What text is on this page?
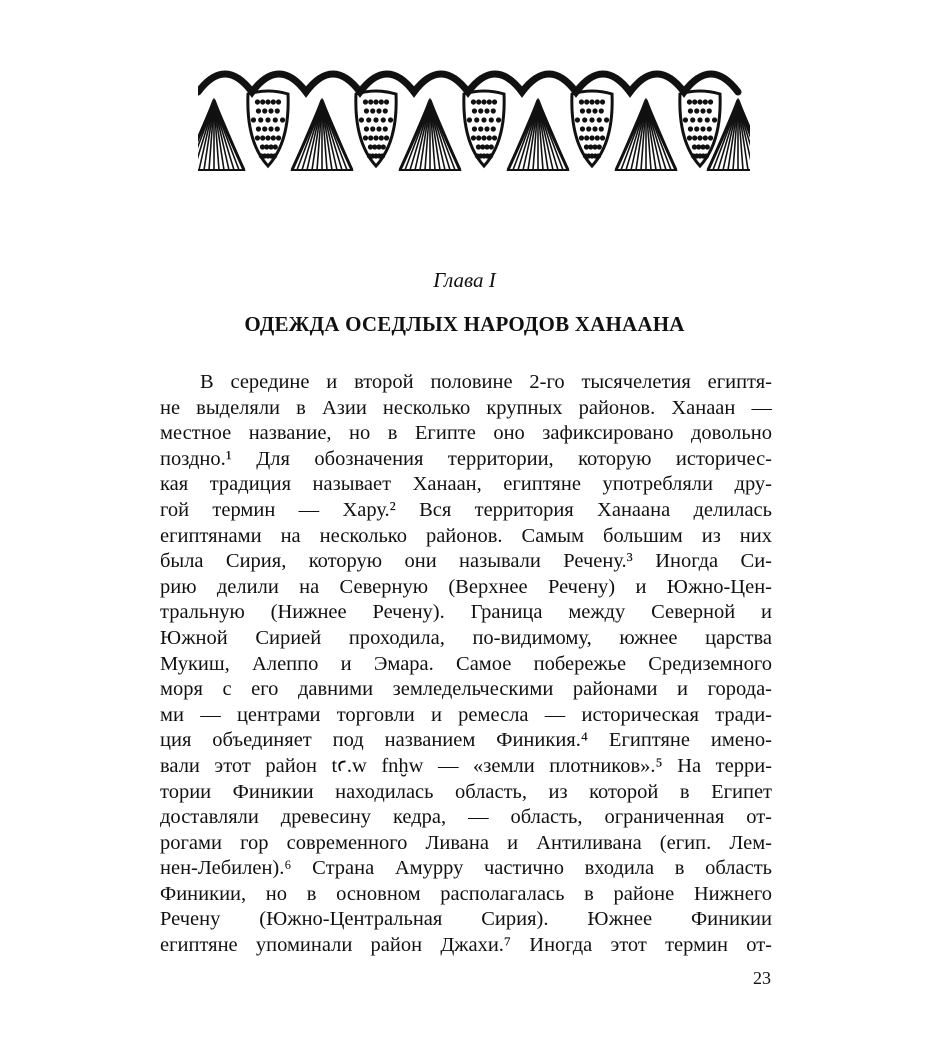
Глава I
ОДЕЖДА ОСЕДЛЫХ НАРОДОВ ХАНААНА
В середине и второй половине 2-го тысячелетия египтя-
не выделяли в Азии несколько крупных районов. Ханаан —
местное название, но в Египте оно зафиксировано довольно
поздно.¹ Для обозначения территории, которую историчес-
кая традиция называет Ханаан, египтяне употребляли дру-
гой термин — Хару.² Вся территория Ханаана делилась
египтянами на несколько районов. Самым большим из них
была Сирия, которую они называли Речену.³ Иногда Си-
рию делили на Северную (Верхнее Речену) и Южно-Цен-
тральную (Нижнее Речену). Граница между Северной и
Южной Сирией проходила, по-видимому, южнее царства
Мукиш, Алеппо и Эмара. Самое побережье Средиземного
моря с его давними земледельческими районами и города-
ми — центрами торговли и ремесла — историческая тради-
ция объединяет под названием Финикия.⁴ Египтяне имено-
вали этот район tꜥ.w fnḫw — «земли плотников».⁵ На терри-
тории Финикии находилась область, из которой в Египет
доставляли древесину кедра, — область, ограниченная от-
рогами гор современного Ливана и Антиливана (егип. Лем-
нен-Лебилен).⁶ Страна Амурру частично входила в область
Финикии, но в основном располагалась в районе Нижнего
Речену (Южно-Центральная Сирия). Южнее Финикии
египтяне упоминали район Джахи.⁷ Иногда этот термин от-
23
